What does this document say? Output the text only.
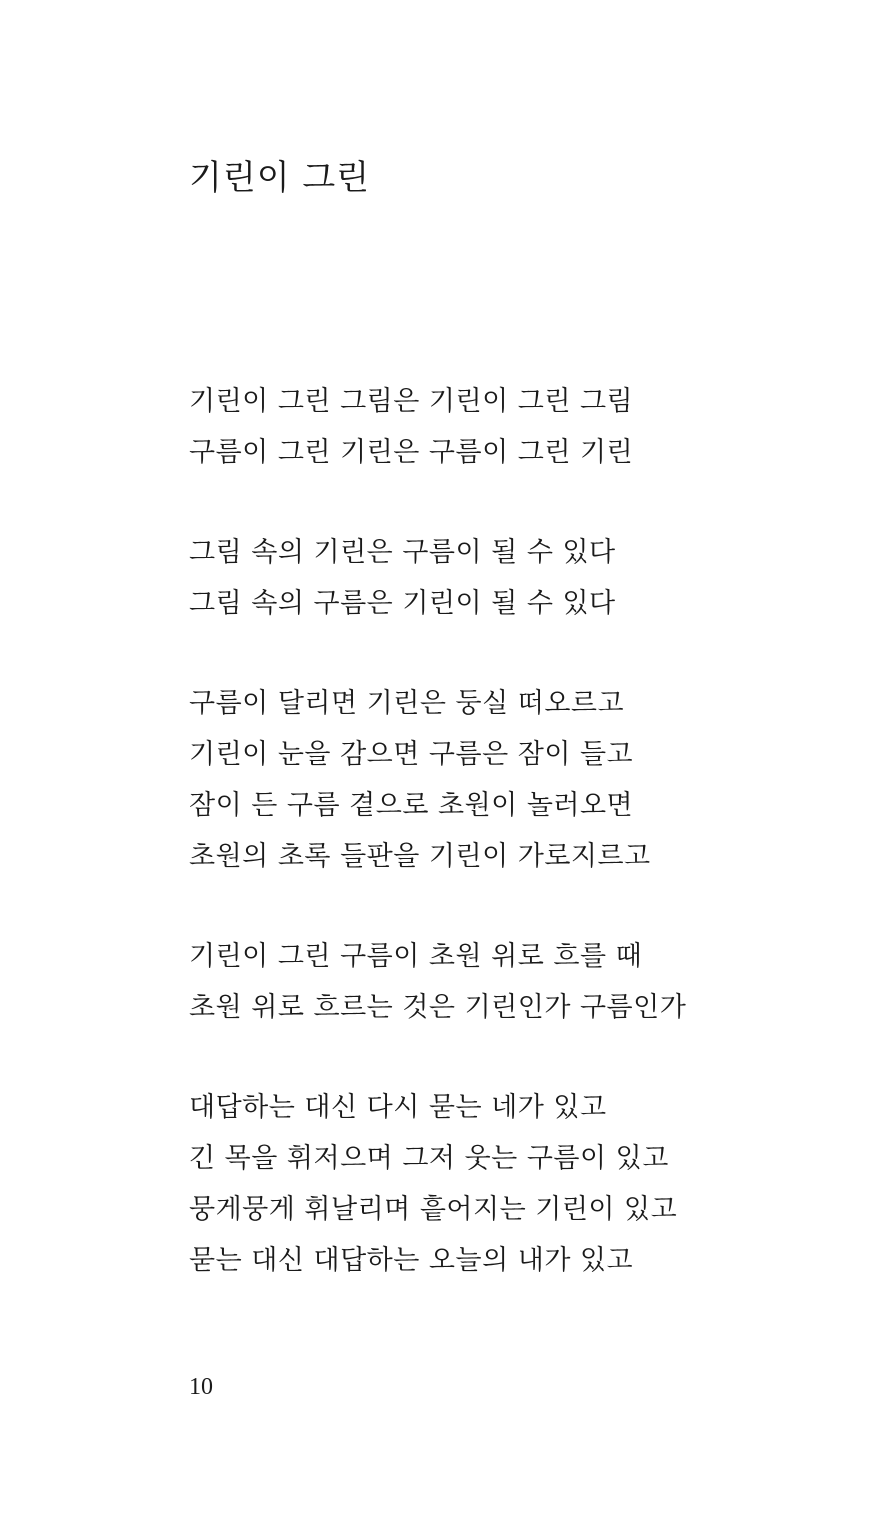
기린이 그린
기린이 그린 그림은 기린이 그린 그림
구름이 그린 기린은 구름이 그린 기린
그림 속의 기린은 구름이 될 수 있다
그림 속의 구름은 기린이 될 수 있다
구름이 달리면 기린은 둥실 떠오르고
기린이 눈을 감으면 구름은 잠이 들고
잠이 든 구름 곁으로 초원이 놀러오면
초원의 초록 들판을 기린이 가로지르고
기린이 그린 구름이 초원 위로 흐를 때
초원 위로 흐르는 것은 기린인가 구름인가
대답하는 대신 다시 묻는 네가 있고
긴 목을 휘저으며 그저 웃는 구름이 있고
뭉게뭉게 휘날리며 흩어지는 기린이 있고
묻는 대신 대답하는 오늘의 내가 있고
10
